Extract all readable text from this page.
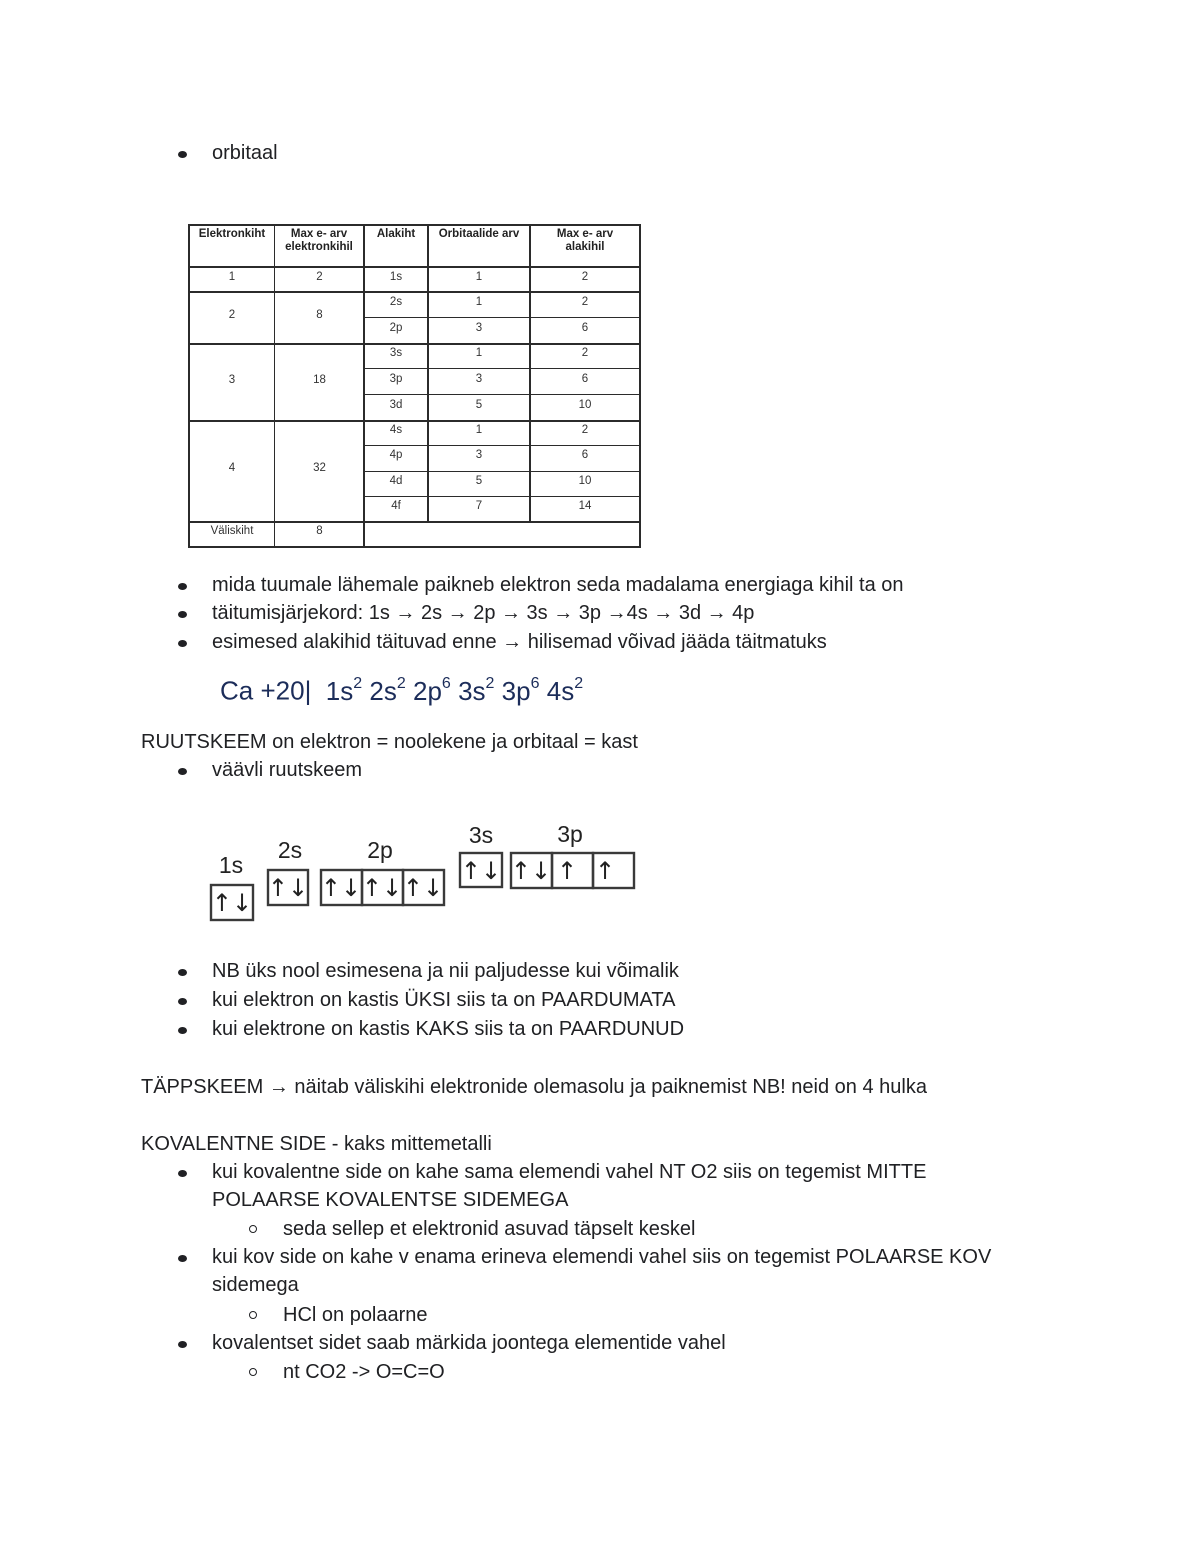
orbitaal
Elektronkiht	Max e- arv elektronkihil
Alakiht	Orbitaalide arv	Max e- arv alakihil
1	2	1s	1	2
2	8
2s	1	2
2p	3	6
3	18
3s	1	2
3p	3	6
3d	5	10
4	32
4s	1	2
4p	3	6
4d	5	10
4f	7	14
Väliskiht	8
mida tuumale lähemale paikneb elektron seda madalama energiaga kihil ta on
täitumisjärjekord: 1s → 2s → 2p → 3s → 3p →4s → 3d → 4p
esimesed alakihid täituvad enne → hilisemad võivad jääda täitmatuks
Ca +20| $1s^2$ $2s^2$ $2p^6$ $3s^2$ $3p^6$ $4s^2$
RUUTSKEEM on elektron = noolekene ja orbitaal = kast
väävli ruutskeem
1s
2s	2p
3s	3p
↑↓
↑↓ ↑↓ ↑↓ ↑↓
↑↓ ↑↓ ↑ ↑
NB üks nool esimesena ja nii paljudesse kui võimalik
kui elektron on kastis ÜKSI siis ta on PAARDUMATA
kui elektrone on kastis KAKS siis ta on PAARDUNUD
TÄPPSKEEM → näitab väliskihi elektronide olemasolu ja paiknemist NB! neid on 4 hulka
KOVALENTNE SIDE - kaks mittemetalli
kui kovalentne side on kahe sama elemendi vahel NT O2 siis on tegemist MITTE
POLAARSE KOVALENTSE SIDEMEGA
seda sellep et elektronid asuvad täpselt keskel
kui kov side on kahe v enama erineva elemendi vahel siis on tegemist POLAARSE KOV
sidemega
HCl on polaarne
kovalentset sidet saab märkida joontega elementide vahel
nt CO2 -> O=C=O
